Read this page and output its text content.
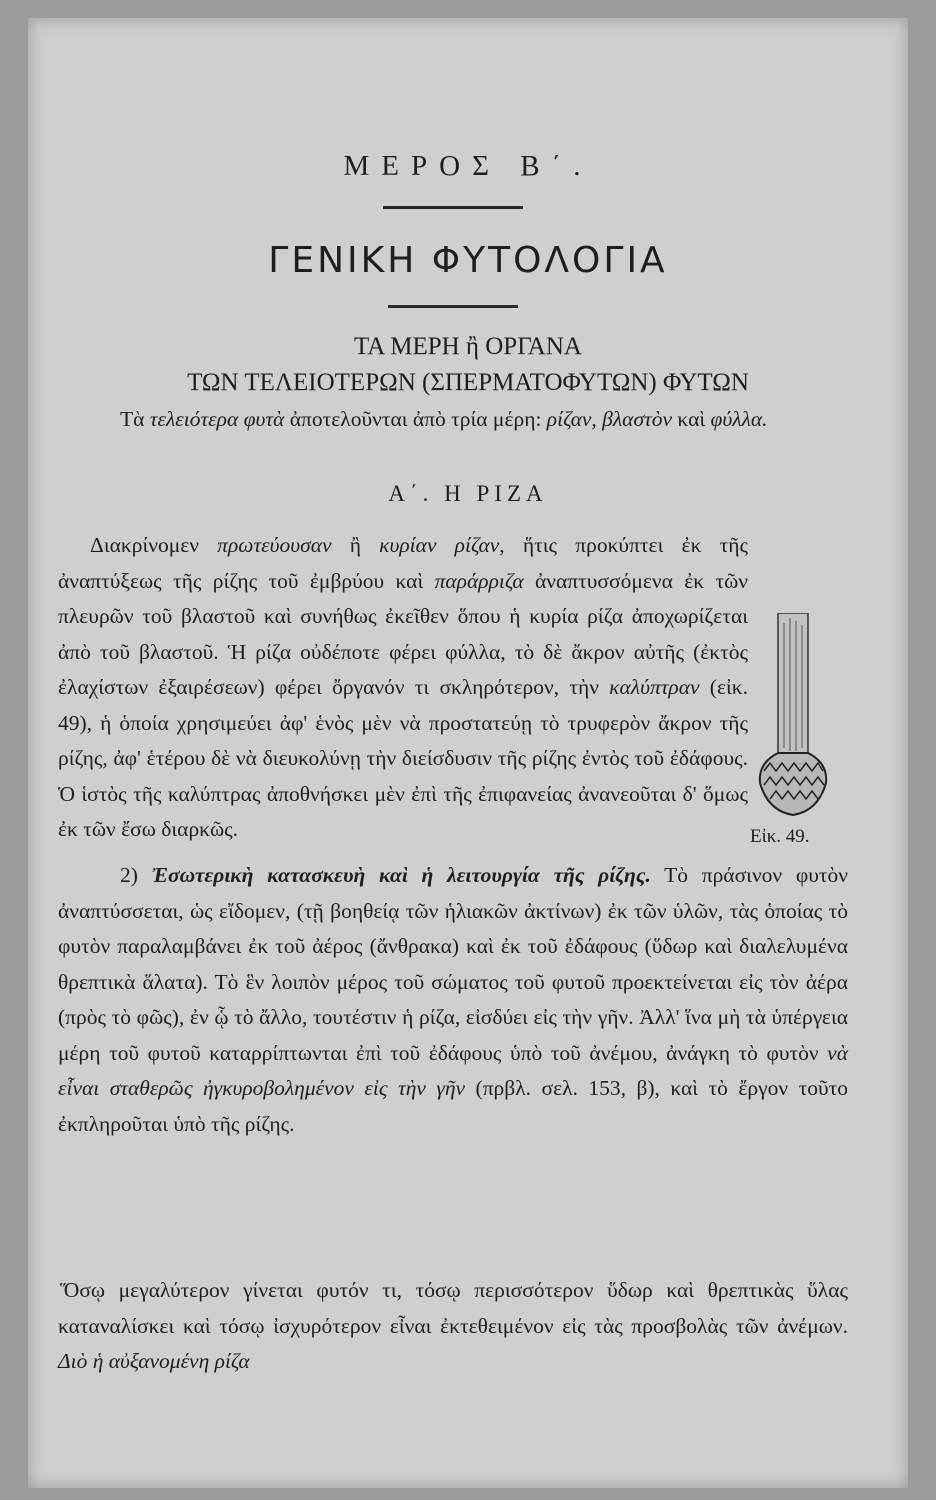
ΜΕΡΟΣ Β΄.
ΓΕΝΙΚΗ ΦΥΤΟΛΟΓΙΑ
ΤΑ ΜΕΡΗ ἢ ΟΡΓΑΝΑ
ΤΩΝ ΤΕΛΕΙΟΤΕΡΩΝ (ΣΠΕΡΜΑΤΟΦΥΤΩΝ) ΦΥΤΩΝ
Τὰ τελειότερα φυτὰ ἀποτελοῦνται ἀπὸ τρία μέρη: ρίζαν, βλαστὸν καὶ φύλλα.
Α΄. Η ΡΙΖΑ
Διακρίνομεν πρωτεύουσαν ἢ κυρίαν ρίζαν, ἥτις προκύπτει ἐκ τῆς ἀναπτύξεως τῆς ρίζης τοῦ ἐμβρύου καὶ παράρριζα ἀναπτυσσόμενα ἐκ τῶν πλευρῶν τοῦ βλαστοῦ καὶ συνήθως ἐκεῖθεν ὅπου ἡ κυρία ρίζα ἀποχωρίζεται ἀπὸ τοῦ βλαστοῦ. Ἡ ρίζα οὐδέποτε φέρει φύλλα, τὸ δὲ ἄκρον αὐτῆς (ἐκτὸς ἐλαχίστων ἐξαιρέσεων) φέρει ὄργανόν τι σκληρότερον, τὴν καλύπτραν (εἰκ. 49), ἡ ὁποία χρησιμεύει ἀφ' ἑνὸς μὲν νὰ προστατεύῃ τὸ τρυφερὸν ἄκρον τῆς ρίζης, ἀφ' ἑτέρου δὲ νὰ διευκολύνῃ τὴν διείσδυσιν τῆς ρίζης ἐντὸς τοῦ ἐδάφους. Ὁ ἱστὸς τῆς καλύπτρας ἀποθνήσκει μὲν ἐπὶ τῆς ἐπιφανείας ἀνανεοῦται δ' ὅμως ἐκ τῶν ἔσω διαρκῶς.	Εἰκ. 49.
2) Ἐσωτερικὴ κατασκευὴ καὶ ἡ λειτουργία τῆς ρίζης. Τὸ πράσινον φυτὸν ἀναπτύσσεται, ὡς εἴδομεν, (τῇ βοηθείᾳ τῶν ἡλιακῶν ἀκτίνων) ἐκ τῶν ὑλῶν, τὰς ὁποίας τὸ φυτὸν παραλαμβάνει ἐκ τοῦ ἀέρος (ἄνθρακα) καὶ ἐκ τοῦ ἐδάφους (ὕδωρ καὶ διαλελυμένα θρεπτικὰ ἅλατα). Τὸ ἓν λοιπὸν μέρος τοῦ σώματος τοῦ φυτοῦ προεκτείνεται εἰς τὸν ἀέρα (πρὸς τὸ φῶς), ἐν ᾧ τὸ ἄλλο, τουτέστιν ἡ ρίζα, εἰσδύει εἰς τὴν γῆν. Ἀλλ' ἵνα μὴ τὰ ὑπέργεια μέρη τοῦ φυτοῦ καταρρίπτωνται ἐπὶ τοῦ ἐδάφους ὑπὸ τοῦ ἀνέμου, ἀνάγκη τὸ φυτὸν νὰ εἶναι σταθερῶς ἠγκυροβολημένον εἰς τὴν γῆν (πρβλ. σελ. 153, β), καὶ τὸ ἔργον τοῦτο ἐκπληροῦται ὑπὸ τῆς ρίζης.
Ὅσῳ μεγαλύτερον γίνεται φυτόν τι, τόσῳ περισσότερον ὕδωρ καὶ θρεπτικὰς ὕλας καταναλίσκει καὶ τόσῳ ἰσχυρότερον εἶναι ἐκτεθειμένον εἰς τὰς προσβολὰς τῶν ἀνέμων. Διὸ ἡ αὐξανομένη ρίζα
